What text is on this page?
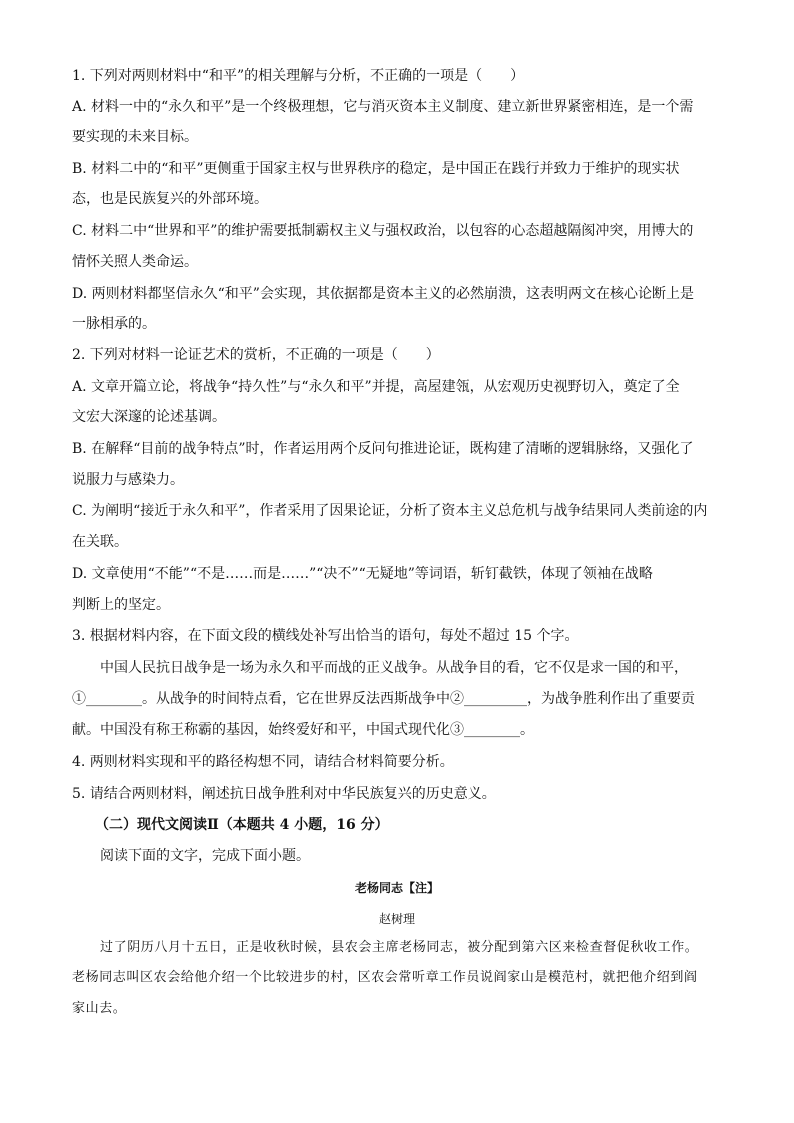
1. 下列对两则材料中“和平”的相关理解与分析，不正确的一项是（　　）
A. 材料一中的“永久和平”是一个终极理想，它与消灭资本主义制度、建立新世界紧密相连，是一个需
要实现的未来目标。
B. 材料二中的“和平”更侧重于国家主权与世界秩序的稳定，是中国正在践行并致力于维护的现实状
态，也是民族复兴的外部环境。
C. 材料二中“世界和平”的维护需要抵制霸权主义与强权政治，以包容的心态超越隔阂冲突，用博大的
情怀关照人类命运。
D. 两则材料都坚信永久“和平”会实现，其依据都是资本主义的必然崩溃，这表明两文在核心论断上是
一脉相承的。
2. 下列对材料一论证艺术的赏析，不正确的一项是（　　）
A. 文章开篇立论，将战争“持久性”与“永久和平”并提，高屋建瓴，从宏观历史视野切入，奠定了全
文宏大深邃的论述基调。
B. 在解释“目前的战争特点”时，作者运用两个反问句推进论证，既构建了清晰的逻辑脉络，又强化了
说服力与感染力。
C. 为阐明“接近于永久和平”，作者采用了因果论证，分析了资本主义总危机与战争结果同人类前途的内
在关联。
D. 文章使用“不能”“不是……而是……”“决不”“无疑地”等词语，斩钉截铁，体现了领袖在战略
判断上的坚定。
3. 根据材料内容，在下面文段的横线处补写出恰当的语句，每处不超过 15 个字。
中国人民抗日战争是一场为永久和平而战的正义战争。从战争目的看，它不仅是求一国的和平，
①________。从战争的时间特点看，它在世界反法西斯战争中②_________，为战争胜利作出了重要贡
献。中国没有称王称霸的基因，始终爱好和平，中国式现代化③________。
4. 两则材料实现和平的路径构想不同，请结合材料简要分析。
5. 请结合两则材料，阐述抗日战争胜利对中华民族复兴的历史意义。
（二）现代文阅读Ⅱ（本题共 4 小题，16 分）
阅读下面的文字，完成下面小题。
老杨同志【注】
赵树理
过了阴历八月十五日，正是收秋时候，县农会主席老杨同志，被分配到第六区来检查督促秋收工作。
老杨同志叫区农会给他介绍一个比较进步的村，区农会常听章工作员说阎家山是模范村，就把他介绍到阎
家山去。
